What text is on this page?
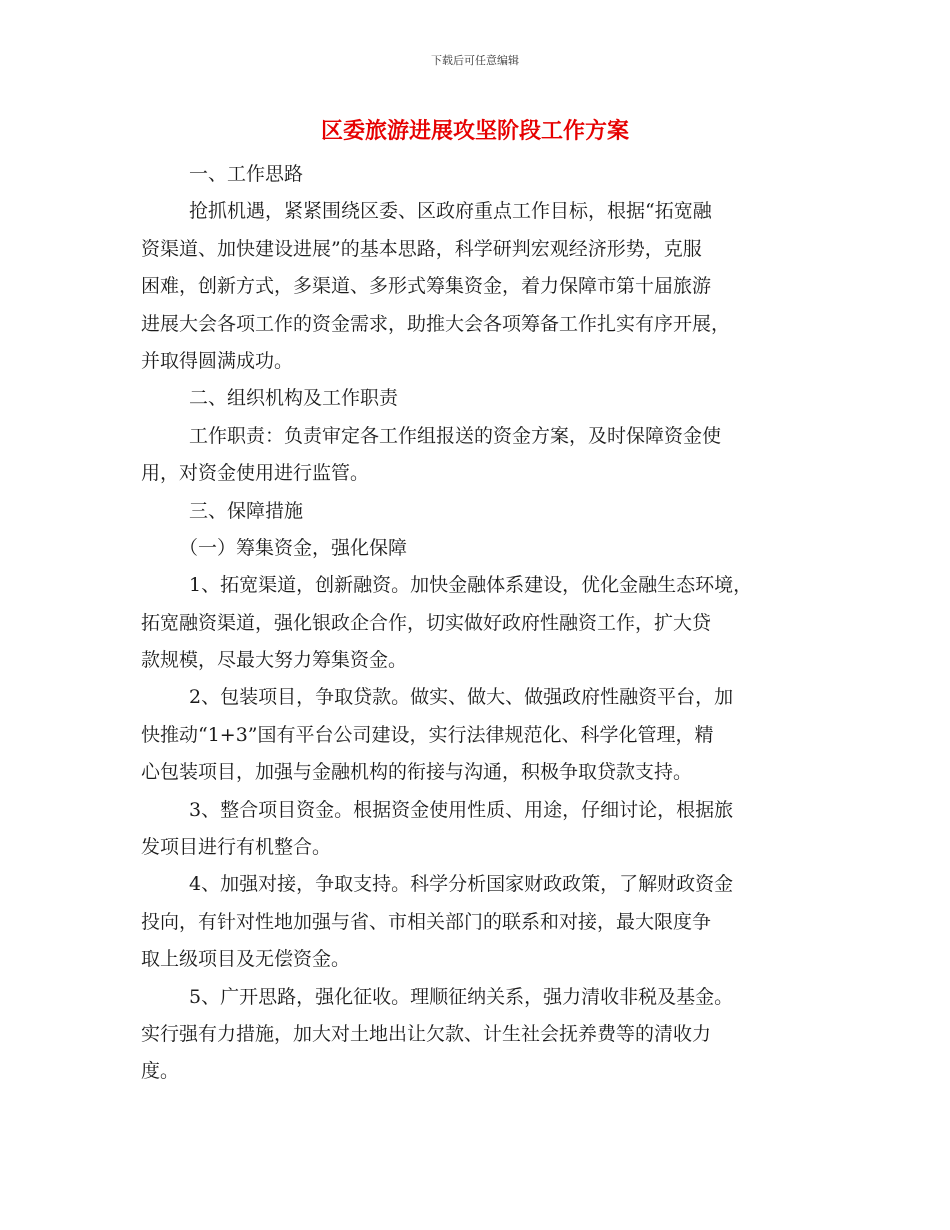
下载后可任意编辑
区委旅游进展攻坚阶段工作方案
一、工作思路
抢抓机遇，紧紧围绕区委、区政府重点工作目标，根据“拓宽融
资渠道、加快建设进展”的基本思路，科学研判宏观经济形势，克服
困难，创新方式，多渠道、多形式筹集资金，着力保障市第十届旅游
进展大会各项工作的资金需求，助推大会各项筹备工作扎实有序开展，
并取得圆满成功。
二、组织机构及工作职责
工作职责：负责审定各工作组报送的资金方案，及时保障资金使
用，对资金使用进行监管。
三、保障措施
（一）筹集资金，强化保障
1、拓宽渠道，创新融资。加快金融体系建设，优化金融生态环境，
拓宽融资渠道，强化银政企合作，切实做好政府性融资工作，扩大贷
款规模，尽最大努力筹集资金。
2、包装项目，争取贷款。做实、做大、做强政府性融资平台，加
快推动“1+3”国有平台公司建设，实行法律规范化、科学化管理，精
心包装项目，加强与金融机构的衔接与沟通，积极争取贷款支持。
3、整合项目资金。根据资金使用性质、用途，仔细讨论，根据旅
发项目进行有机整合。
4、加强对接，争取支持。科学分析国家财政政策，了解财政资金
投向，有针对性地加强与省、市相关部门的联系和对接，最大限度争
取上级项目及无偿资金。
5、广开思路，强化征收。理顺征纳关系，强力清收非税及基金。
实行强有力措施，加大对土地出让欠款、计生社会抚养费等的清收力
度。
